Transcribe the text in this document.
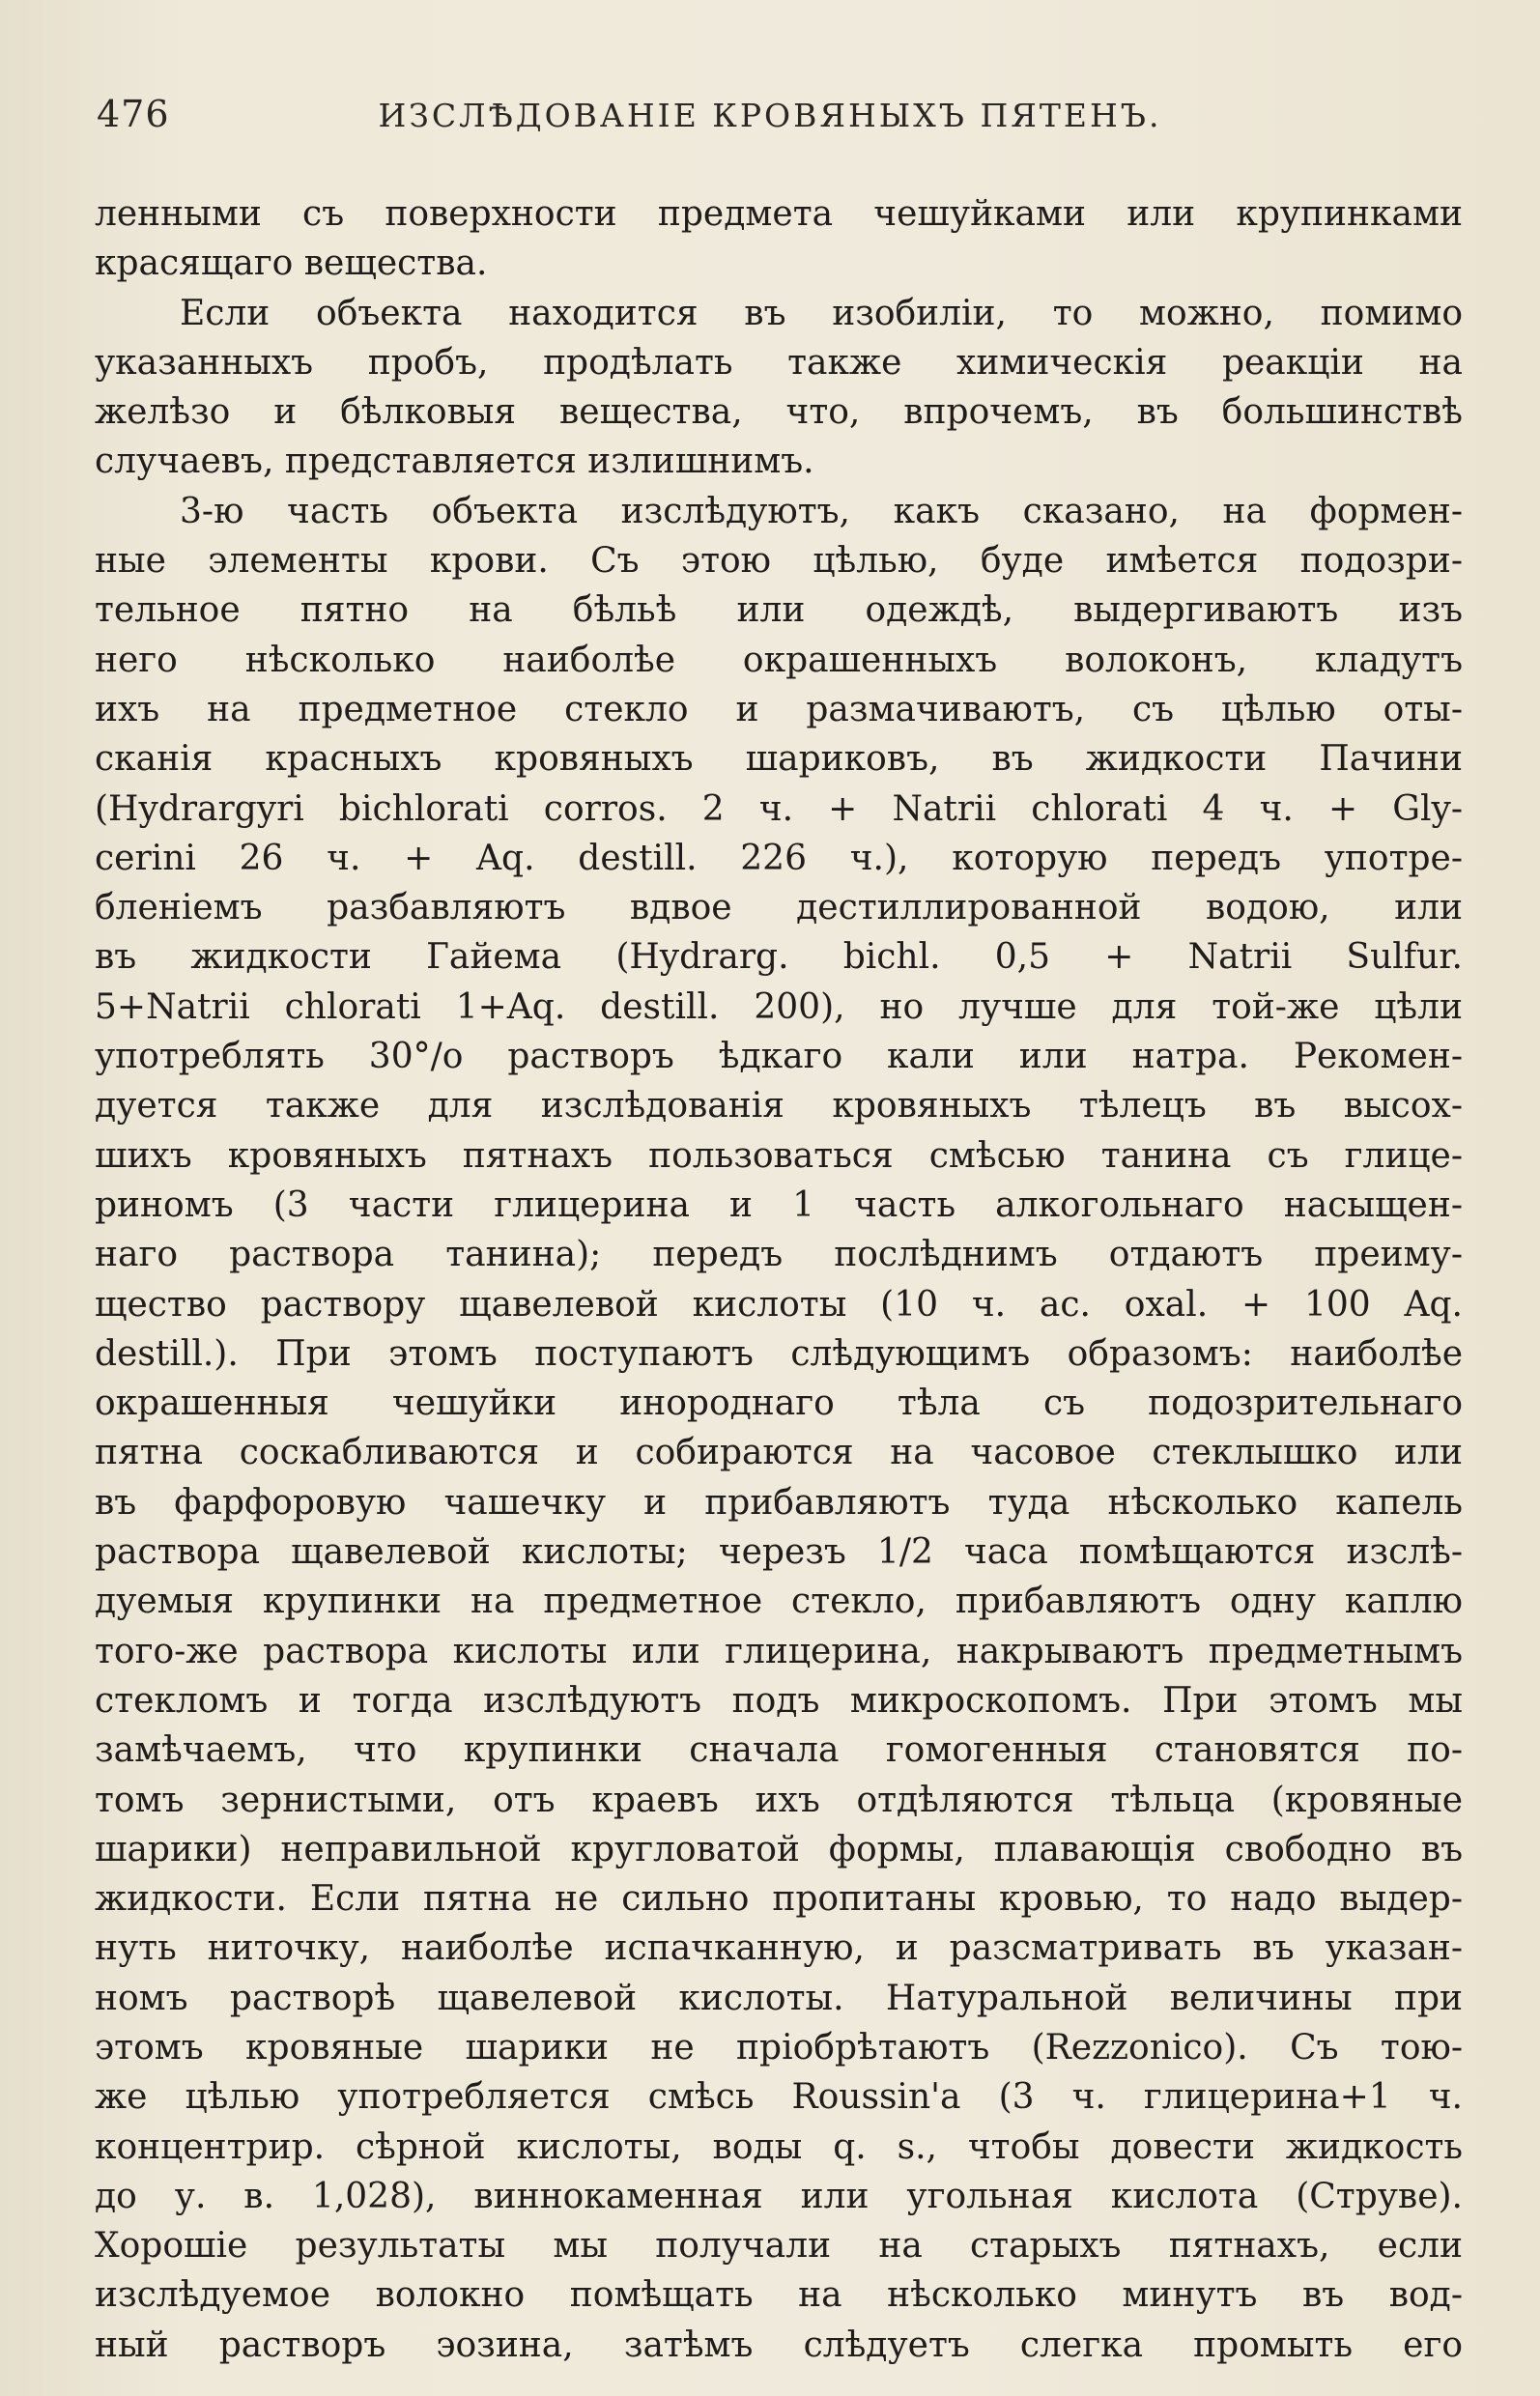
476	ИЗСЛѢДОВАНІЕ КРОВЯНЫХЪ ПЯТЕНЪ.
ленными съ поверхности предмета чешуйками или крупинками
красящаго вещества.
Если объекта находится въ изобиліи, то можно, помимо
указанныхъ пробъ, продѣлать также химическія реакціи на
желѣзо и бѣлковыя вещества, что, впрочемъ, въ большинствѣ
случаевъ, представляется излишнимъ.
3-ю часть объекта изслѣдуютъ, какъ сказано, на формен-
ные элементы крови. Съ этою цѣлью, буде имѣется подозри-
тельное пятно на бѣльѣ или одеждѣ, выдергиваютъ изъ
него нѣсколько наиболѣе окрашенныхъ волоконъ, кладутъ
ихъ на предметное стекло и размачиваютъ, съ цѣлью оты-
сканія красныхъ кровяныхъ шариковъ, въ жидкости Пачини
(Hydrargyri bichlorati corros. 2 ч. + Natrii chlorati 4 ч. + Gly-
cerini 26 ч. + Aq. destill. 226 ч.), которую передъ употре-
бленіемъ разбавляютъ вдвое дестиллированной водою, или
въ жидкости Гайема (Hydrarg. bichl. 0,5 + Natrii Sulfur.
5+Natrii chlorati 1+Aq. destill. 200), но лучше для той-же цѣли
употреблять 30°/o растворъ ѣдкаго кали или натра. Рекомен-
дуется также для изслѣдованія кровяныхъ тѣлецъ въ высох-
шихъ кровяныхъ пятнахъ пользоваться смѣсью танина съ глице-
риномъ (3 части глицерина и 1 часть алкогольнаго насыщен-
наго раствора танина); передъ послѣднимъ отдаютъ преиму-
щество раствору щавелевой кислоты (10 ч. ac. oxal. + 100 Aq.
destill.). При этомъ поступаютъ слѣдующимъ образомъ: наиболѣе
окрашенныя чешуйки инороднаго тѣла съ подозрительнаго
пятна соскабливаются и собираются на часовое стеклышко или
въ фарфоровую чашечку и прибавляютъ туда нѣсколько капель
раствора щавелевой кислоты; черезъ 1/2 часа помѣщаются изслѣ-
дуемыя крупинки на предметное стекло, прибавляютъ одну каплю
того-же раствора кислоты или глицерина, накрываютъ предметнымъ
стекломъ и тогда изслѣдуютъ подъ микроскопомъ. При этомъ мы
замѣчаемъ, что крупинки сначала гомогенныя становятся по-
томъ зернистыми, отъ краевъ ихъ отдѣляются тѣльца (кровяные
шарики) неправильной кругловатой формы, плавающія свободно въ
жидкости. Если пятна не сильно пропитаны кровью, то надо выдер-
нуть ниточку, наиболѣе испачканную, и разсматривать въ указан-
номъ растворѣ щавелевой кислоты. Натуральной величины при
этомъ кровяные шарики не пріобрѣтаютъ (Rezzonico). Съ тою-
же цѣлью употребляется смѣсь Roussin'а (3 ч. глицерина+1 ч.
концентрир. сѣрной кислоты, воды q. s., чтобы довести жидкость
до у. в. 1,028), виннокаменная или угольная кислота (Струве).
Хорошіе результаты мы получали на старыхъ пятнахъ, если
изслѣдуемое волокно помѣщать на нѣсколько минутъ въ вод-
ный растворъ эозина, затѣмъ слѣдуетъ слегка промыть его
